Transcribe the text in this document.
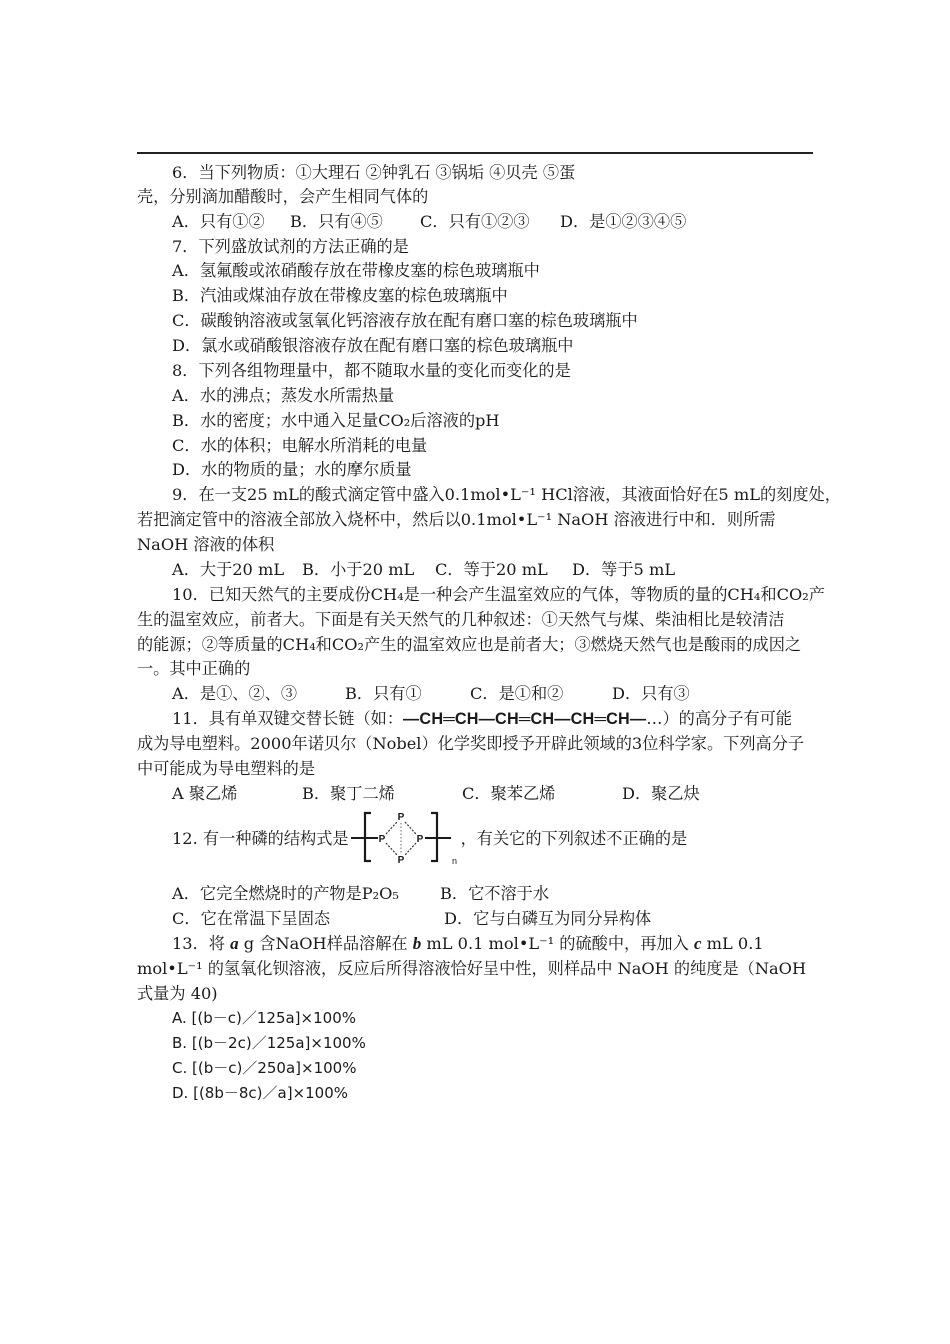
6．当下列物质：①大理石 ②钟乳石 ③锅垢 ④贝壳 ⑤蛋
壳，分别滴加醋酸时，会产生相同气体的
A．只有①② B．只有④⑤ C．只有①②③ D．是①②③④⑤
7．下列盛放试剂的方法正确的是
A．氢氟酸或浓硝酸存放在带橡皮塞的棕色玻璃瓶中
B．汽油或煤油存放在带橡皮塞的棕色玻璃瓶中
C．碳酸钠溶液或氢氧化钙溶液存放在配有磨口塞的棕色玻璃瓶中
D．氯水或硝酸银溶液存放在配有磨口塞的棕色玻璃瓶中
8．下列各组物理量中，都不随取水量的变化而变化的是
A．水的沸点；蒸发水所需热量
B．水的密度；水中通入足量CO₂后溶液的pH
C．水的体积；电解水所消耗的电量
D．水的物质的量；水的摩尔质量
9．在一支25 mL的酸式滴定管中盛入0.1mol•L⁻¹ HCl溶液，其液面恰好在5 mL的刻度处，
若把滴定管中的溶液全部放入烧杯中，然后以0.1mol•L⁻¹ NaOH 溶液进行中和．则所需
NaOH 溶液的体积
A．大于20 mL B．小于20 mL C．等于20 mL D．等于5 mL
10．已知天然气的主要成份CH₄是一种会产生温室效应的气体，等物质的量的CH₄和CO₂产
生的温室效应，前者大。下面是有关天然气的几种叙述：①天然气与煤、柴油相比是较清洁
的能源；②等质量的CH₄和CO₂产生的温室效应也是前者大；③燃烧天然气也是酸雨的成因之
一。其中正确的
A．是①、②、③	B．只有①	C．是①和②	D．只有③
11．具有单双键交替长链（如：—CH═CH—CH═CH—CH═CH—…）的高分子有可能
成为导电塑料。2000年诺贝尔（Nobel）化学奖即授予开辟此领域的3位科学家。下列高分子
中可能成为导电塑料的是
A 聚乙烯	B．聚丁二烯	C．聚苯乙烯	D．聚乙炔
12. 有一种磷的结构式是	P
P
P
P	n
，有关它的下列叙述不正确的是
A．它完全燃烧时的产物是P₂O₅	B．它不溶于水
C．它在常温下呈固态	D．它与白磷互为同分异构体
13．将 a g 含NaOH样品溶解在 b mL 0.1 mol•L⁻¹ 的硫酸中，再加入 c mL 0.1
mol•L⁻¹ 的氢氧化钡溶液，反应后所得溶液恰好呈中性，则样品中 NaOH 的纯度是（NaOH
式量为 40)
A. [(b－c)／125a]×100%
B. [(b－2c)／125a]×100%
C. [(b－c)／250a]×100%
D. [(8b－8c)／a]×100%
